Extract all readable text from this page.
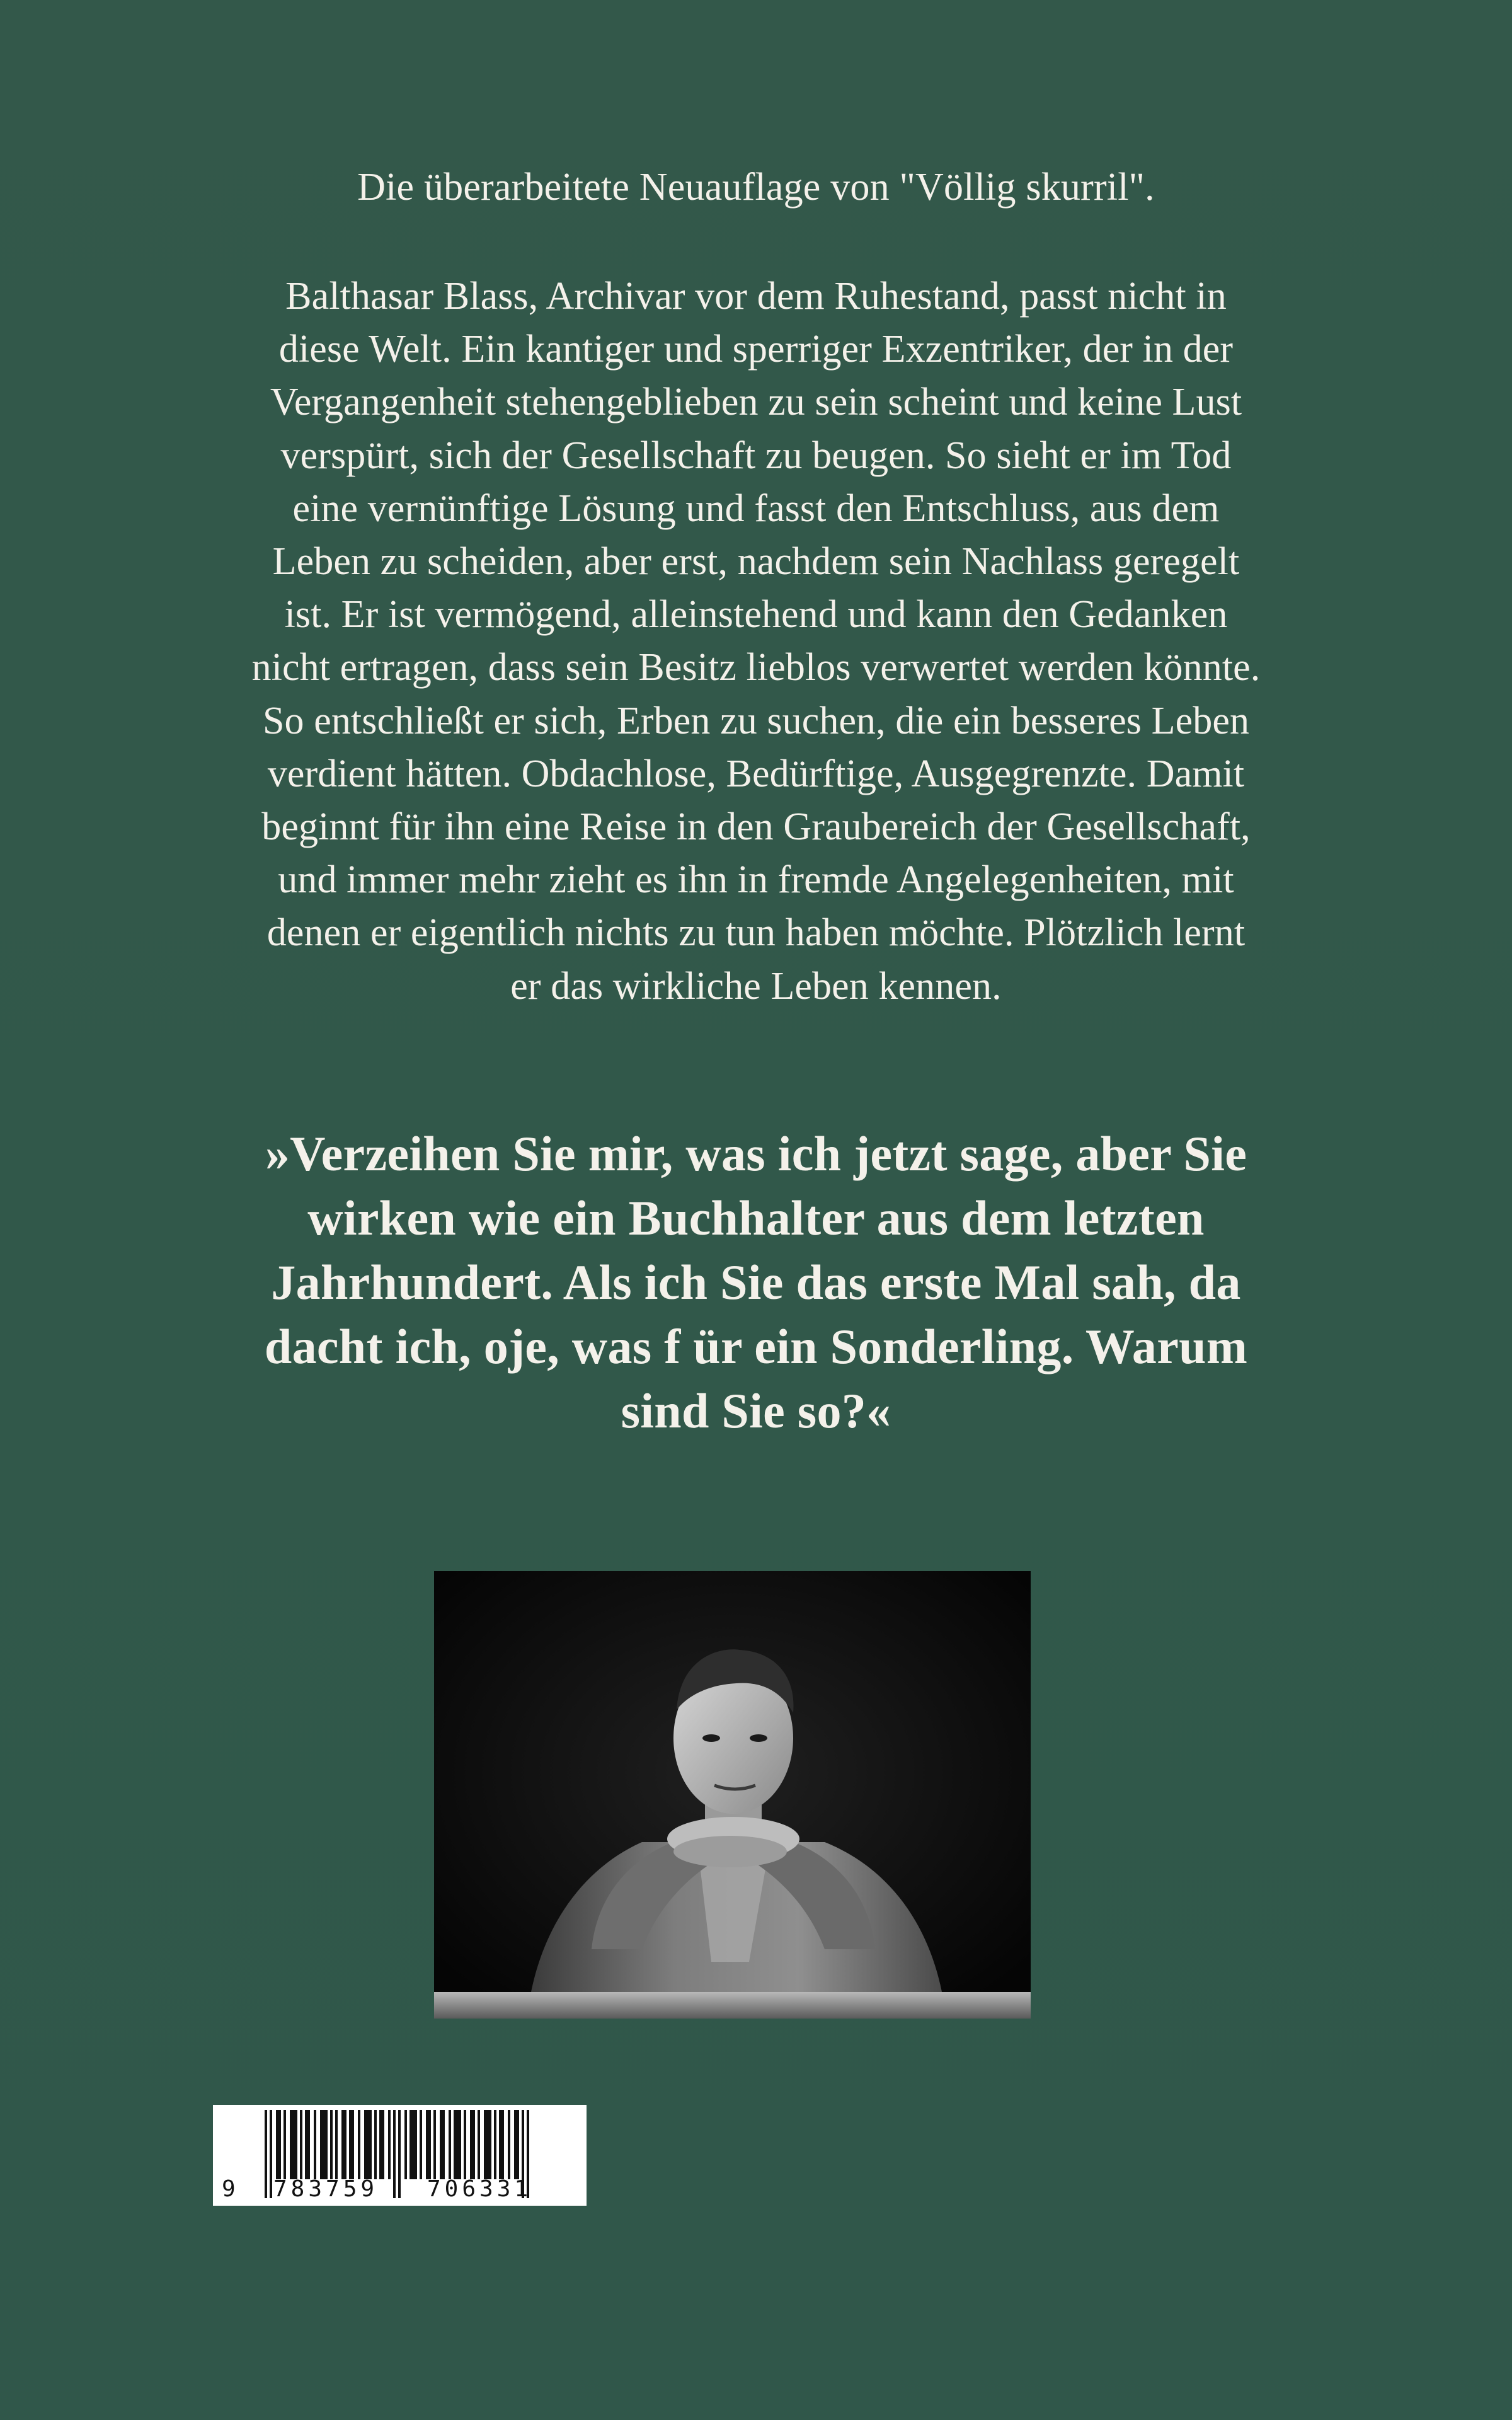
Die überarbeitete Neuauflage von "Völlig skurril".
Balthasar Blass, Archivar vor dem Ruhestand, passt nicht in
diese Welt. Ein kantiger und sperriger Exzentriker, der in der
Vergangenheit stehengeblieben zu sein scheint und keine Lust
verspürt, sich der Gesellschaft zu beugen. So sieht er im Tod
eine vernünftige Lösung und fasst den Entschluss, aus dem
Leben zu scheiden, aber erst, nachdem sein Nachlass geregelt
ist. Er ist vermögend, alleinstehend und kann den Gedanken
nicht ertragen, dass sein Besitz lieblos verwertet werden könnte.
So entschließt er sich, Erben zu suchen, die ein besseres Leben
verdient hätten. Obdachlose, Bedürftige, Ausgegrenzte. Damit
beginnt für ihn eine Reise in den Graubereich der Gesellschaft,
und immer mehr zieht es ihn in fremde Angelegenheiten, mit
denen er eigentlich nichts zu tun haben möchte. Plötzlich lernt
er das wirkliche Leben kennen.
»Verzeihen Sie mir, was ich jetzt sage, aber Sie
wirken wie ein Buchhalter aus dem letzten
Jahrhundert. Als ich Sie das erste Mal sah, da
dacht ich, oje, was f ür ein Sonderling. Warum
sind Sie so?«
9 783759 706331
